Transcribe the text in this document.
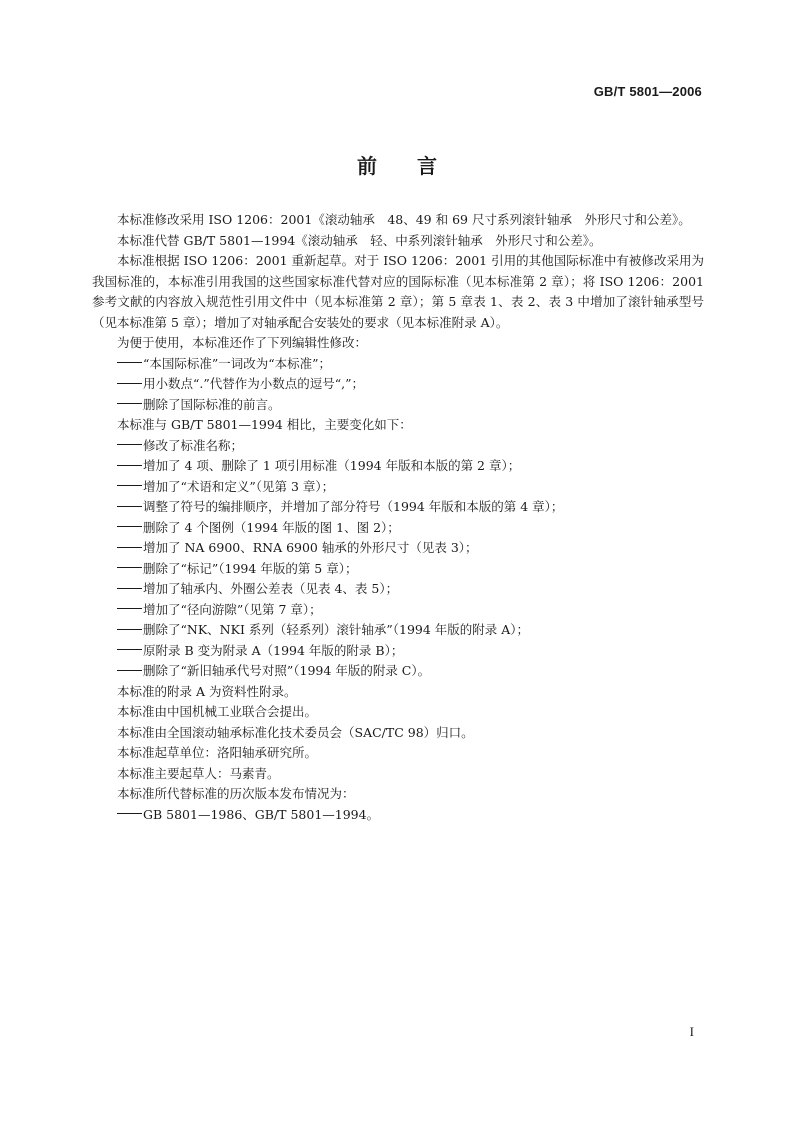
GB/T 5801—2006
前言

本标准修改采用 ISO 1206：2001《滚动轴承　48、49 和 69 尺寸系列滚针轴承　外形尺寸和公差》。

本标准代替 GB/T 5801—1994《滚动轴承　轻、中系列滚针轴承　外形尺寸和公差》。

本标准根据 ISO 1206：2001 重新起草。对于 ISO 1206：2001 引用的其他国际标准中有被修改采用为我国标准的，本标准引用我国的这些国家标准代替对应的国际标准（见本标准第 2 章）；将 ISO 1206：2001 参考文献的内容放入规范性引用文件中（见本标准第 2 章）；第 5 章表 1、表 2、表 3 中增加了滚针轴承型号（见本标准第 5 章）；增加了对轴承配合安装处的要求（见本标准附录 A）。

为便于使用，本标准还作了下列编辑性修改：

“本国际标准”一词改为“本标准”；

用小数点“.”代替作为小数点的逗号“,”；

删除了国际标准的前言。

本标准与 GB/T 5801—1994 相比，主要变化如下：

修改了标准名称；

增加了 4 项、删除了 1 项引用标准（1994 年版和本版的第 2 章）；

增加了“术语和定义”（见第 3 章）；

调整了符号的编排顺序，并增加了部分符号（1994 年版和本版的第 4 章）；

删除了 4 个图例（1994 年版的图 1、图 2）；

增加了 NA 6900、RNA 6900 轴承的外形尺寸（见表 3）；

删除了“标记”（1994 年版的第 5 章）；

增加了轴承内、外圈公差表（见表 4、表 5）；

增加了“径向游隙”（见第 7 章）；

删除了“NK、NKI 系列（轻系列）滚针轴承”（1994 年版的附录 A）；

原附录 B 变为附录 A（1994 年版的附录 B）；

删除了“新旧轴承代号对照”（1994 年版的附录 C）。

本标准的附录 A 为资料性附录。

本标准由中国机械工业联合会提出。

本标准由全国滚动轴承标准化技术委员会（SAC/TC 98）归口。

本标准起草单位：洛阳轴承研究所。

本标准主要起草人：马素青。

本标准所代替标准的历次版本发布情况为：

GB 5801—1986、GB/T 5801—1994。

I
